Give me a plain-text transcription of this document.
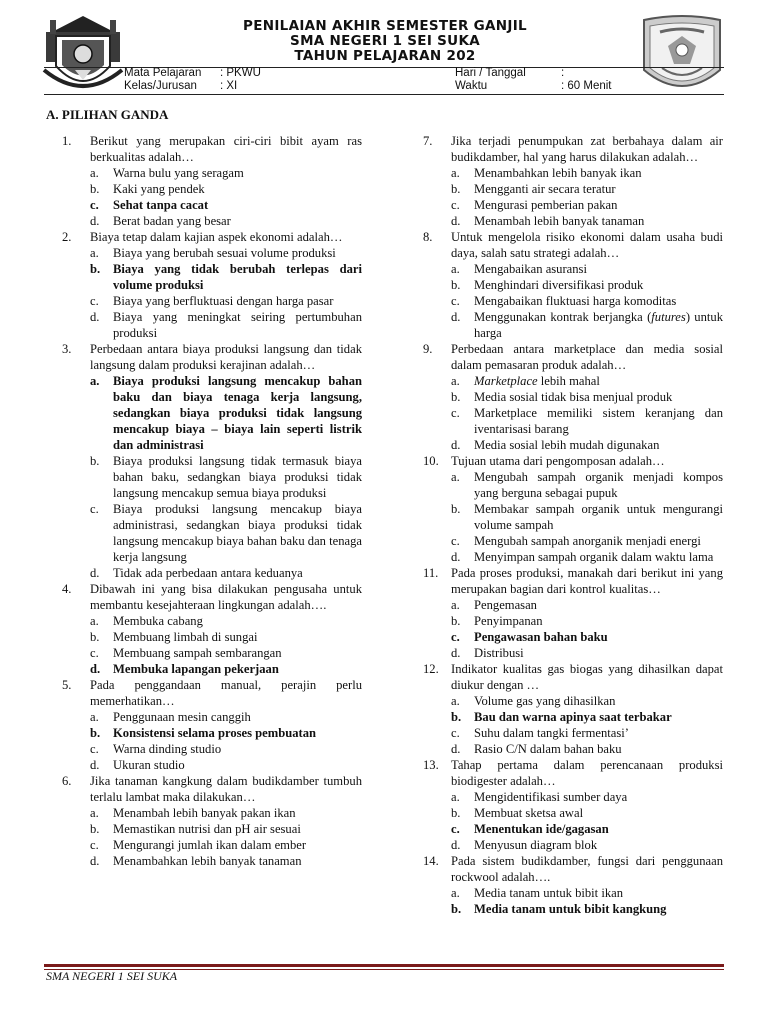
PENILAIAN AKHIR SEMESTER GANJIL
SMA NEGERI 1 SEI SUKA
TAHUN PELAJARAN 202
Mata Pelajaran	: PKWU
Kelas/Jurusan	: XI
Hari / Tanggal	:
Waktu	: 60 Menit
A. PILIHAN GANDA
1.	Berikut yang merupakan ciri-ciri bibit ayam ras berkualitas adalah…
a.	Warna bulu yang seragam
b.	Kaki yang pendek
c.	Sehat tanpa cacat
d.	Berat badan yang besar
2.	Biaya tetap dalam kajian aspek ekonomi adalah…
a.	Biaya yang berubah sesuai volume produksi
b.	Biaya yang tidak berubah terlepas dari volume produksi
c.	Biaya yang berfluktuasi dengan harga pasar
d.	Biaya yang meningkat seiring pertumbuhan produksi
3.	Perbedaan antara biaya produksi langsung dan tidak langsung dalam produksi kerajinan adalah…
a.	Biaya produksi langsung mencakup bahan baku dan biaya tenaga kerja langsung, sedangkan biaya produksi tidak langsung mencakup biaya – biaya lain seperti listrik dan administrasi
b.	Biaya produksi langsung tidak termasuk biaya bahan baku, sedangkan biaya produksi tidak langsung mencakup semua biaya produksi
c.	Biaya produksi langsung mencakup biaya administrasi, sedangkan biaya produksi tidak langsung mencakup biaya bahan baku dan tenaga kerja langsung
d.	Tidak ada perbedaan antara keduanya
4.	Dibawah ini yang bisa dilakukan pengusaha untuk membantu kesejahteraan lingkungan adalah….
a.	Membuka cabang
b.	Membuang limbah di sungai
c.	Membuang sampah sembarangan
d.	Membuka lapangan pekerjaan
5.	Pada penggandaan manual, perajin perlu memerhatikan…
a.	Penggunaan mesin canggih
b.	Konsistensi selama proses pembuatan
c.	Warna dinding studio
d.	Ukuran studio
6.	Jika tanaman kangkung dalam budikdamber tumbuh terlalu lambat maka dilakukan…
a.	Menambah lebih banyak pakan ikan
b.	Memastikan nutrisi dan pH air sesuai
c.	Mengurangi jumlah ikan dalam ember
d.	Menambahkan lebih banyak tanaman
7.	Jika terjadi penumpukan zat berbahaya dalam air budikdamber, hal yang harus dilakukan adalah…
a.	Menambahkan lebih banyak ikan
b.	Mengganti air secara teratur
c.	Mengurasi pemberian pakan
d.	Menambah lebih banyak tanaman
8.	Untuk mengelola risiko ekonomi dalam usaha budi daya, salah satu strategi adalah…
a.	Mengabaikan asuransi
b.	Menghindari diversifikasi produk
c.	Mengabaikan fluktuasi harga komoditas
d.	Menggunakan kontrak berjangka (futures) untuk harga
9.	Perbedaan antara marketplace dan media sosial dalam pemasaran produk adalah…
a.	Marketplace lebih mahal
b.	Media sosial tidak bisa menjual produk
c.	Marketplace memiliki sistem keranjang dan iventarisasi barang
d.	Media sosial lebih mudah digunakan
10. Tujuan utama dari pengomposan adalah…
a.	Mengubah sampah organik menjadi kompos yang berguna sebagai pupuk
b.	Membakar sampah organik untuk mengurangi volume sampah
c.	Mengubah sampah anorganik menjadi energi
d.	Menyimpan sampah organik dalam waktu lama
11.	Pada proses produksi, manakah dari berikut ini yang merupakan bagian dari kontrol kualitas…
a.	Pengemasan
b.	Penyimpanan
c.	Pengawasan bahan baku
d.	Distribusi
12. Indikator kualitas gas biogas yang dihasilkan dapat diukur dengan …
a.	Volume gas yang dihasilkan
b.	Bau dan warna apinya saat terbakar
c.	Suhu dalam tangki fermentasi’
d.	Rasio C/N dalam bahan baku
13. Tahap pertama dalam perencanaan produksi biodigester adalah…
a.	Mengidentifikasi sumber daya
b.	Membuat sketsa awal
c.	Menentukan ide/gagasan
d.	Menyusun diagram blok
14. Pada sistem budikdamber, fungsi dari penggunaan rockwool adalah….
a.	Media tanam untuk bibit ikan
b.	Media tanam untuk bibit kangkung
SMA NEGERI 1 SEI SUKA
